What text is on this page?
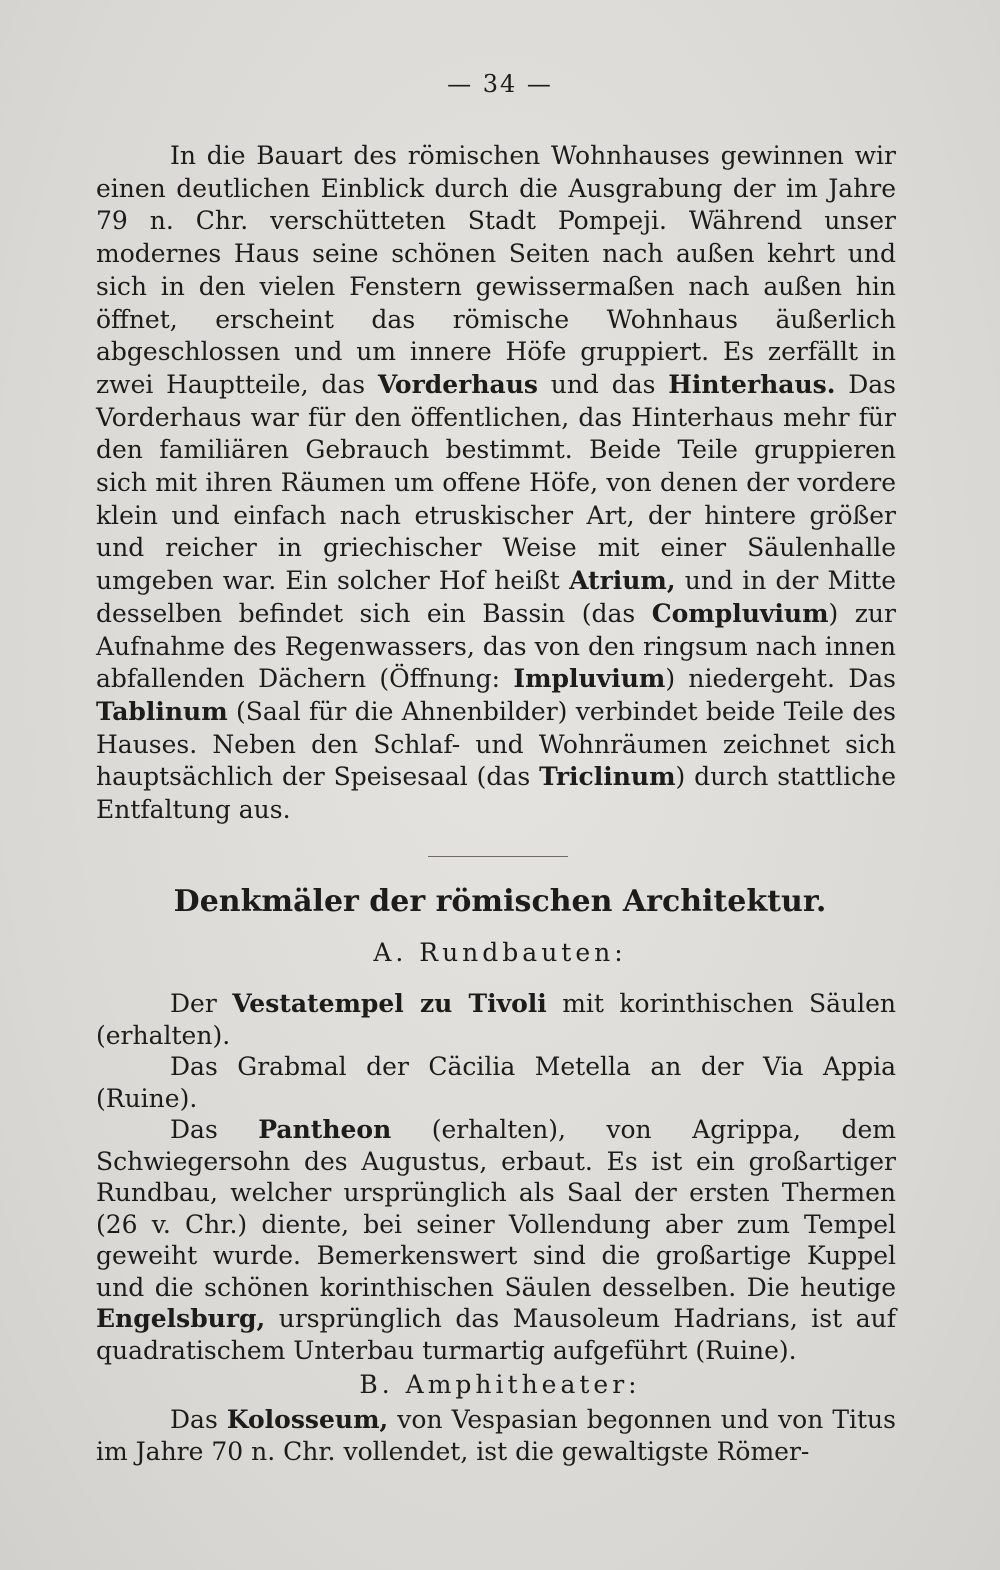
— 34 —

In die Bauart des römischen Wohnhauses gewinnen wir einen deutlichen Einblick durch die Ausgrabung der im Jahre 79 n. Chr. verschütteten Stadt Pompeji. Während unser modernes Haus seine schönen Seiten nach außen kehrt und sich in den vielen Fenstern gewissermaßen nach außen hin öffnet, erscheint das römische Wohnhaus äußerlich abgeschlossen und um innere Höfe gruppiert. Es zerfällt in zwei Hauptteile, das Vorderhaus und das Hinterhaus. Das Vorderhaus war für den öffentlichen, das Hinterhaus mehr für den familiären Gebrauch bestimmt. Beide Teile gruppieren sich mit ihren Räumen um offene Höfe, von denen der vordere klein und einfach nach etruskischer Art, der hintere größer und reicher in griechischer Weise mit einer Säulenhalle umgeben war. Ein solcher Hof heißt Atrium, und in der Mitte desselben befindet sich ein Bassin (das Compluvium) zur Aufnahme des Regenwassers, das von den ringsum nach innen abfallenden Dächern (Öffnung: Impluvium) niedergeht. Das Tablinum (Saal für die Ahnenbilder) verbindet beide Teile des Hauses. Neben den Schlaf- und Wohnräumen zeichnet sich hauptsächlich der Speisesaal (das Triclinum) durch stattliche Entfaltung aus.

Denkmäler der römischen Architektur.
A. Rundbauten:

Der Vestatempel zu Tivoli mit korinthischen Säulen (erhalten).

Das Grabmal der Cäcilia Metella an der Via Appia (Ruine).

Das Pantheon (erhalten), von Agrippa, dem Schwiegersohn des Augustus, erbaut. Es ist ein großartiger Rundbau, welcher ursprünglich als Saal der ersten Thermen (26 v. Chr.) diente, bei seiner Vollendung aber zum Tempel geweiht wurde. Bemerkenswert sind die großartige Kuppel und die schönen korinthischen Säulen desselben. Die heutige Engelsburg, ursprünglich das Mausoleum Hadrians, ist auf quadratischem Unterbau turmartig aufgeführt (Ruine).

B. Amphitheater:

Das Kolosseum, von Vespasian begonnen und von Titus im Jahre 70 n. Chr. vollendet, ist die gewaltigste Römer-
